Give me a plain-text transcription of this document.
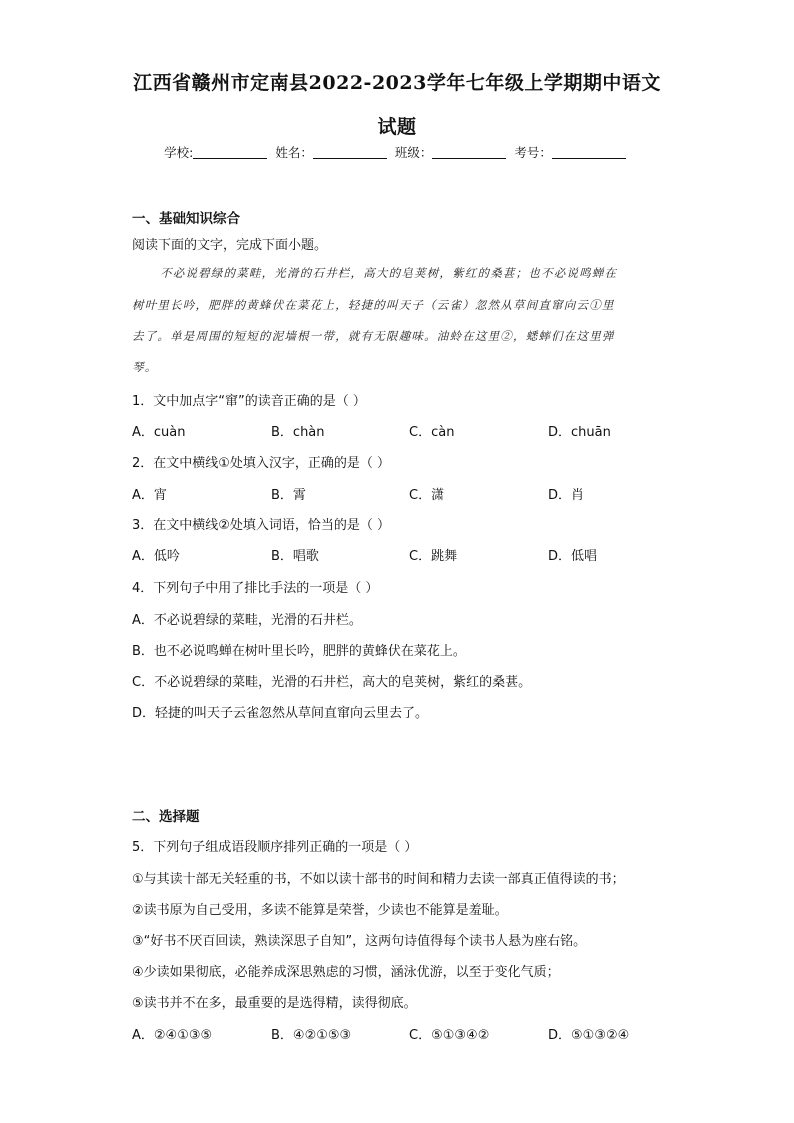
江西省赣州市定南县2022-2023学年七年级上学期期中语文
试题
学校:	姓名：	班级：	考号：
一、基础知识综合
阅读下面的文字，完成下面小题。
不必说碧绿的菜畦，光滑的石井栏，高大的皂荚树，紫红的桑葚；也不必说鸣蝉在
树叶里长吟，肥胖的黄蜂伏在菜花上，轻捷的叫天子（云雀）忽然从草间直窜向云①里
去了。单是周围的短短的泥墙根一带，就有无限趣味。油蛉在这里②，蟋蟀们在这里弹
琴。
1．文中加点字“窜”的读音正确的是（ ）
A．cuàn	B．chàn	C．càn	D．chuān
2．在文中横线①处填入汉字，正确的是（ ）
A．宵	B．霄	C．潇	D．肖
3．在文中横线②处填入词语，恰当的是（ ）
A．低吟	B．唱歌	C．跳舞	D．低唱
4．下列句子中用了排比手法的一项是（ ）
A．不必说碧绿的菜畦，光滑的石井栏。
B．也不必说鸣蝉在树叶里长吟，肥胖的黄蜂伏在菜花上。
C．不必说碧绿的菜畦，光滑的石井栏，高大的皂荚树，紫红的桑葚。
D．轻捷的叫天子云雀忽然从草间直窜向云里去了。
二、选择题
5．下列句子组成语段顺序排列正确的一项是（ ）
①与其读十部无关轻重的书，不如以读十部书的时间和精力去读一部真正值得读的书；
②读书原为自己受用，多读不能算是荣誉，少读也不能算是羞耻。
③“好书不厌百回读，熟读深思子自知”，这两句诗值得每个读书人悬为座右铭。
④少读如果彻底，必能养成深思熟虑的习惯，涵泳优游，以至于变化气质；
⑤读书并不在多，最重要的是选得精，读得彻底。
A．②④①③⑤	B．④②①⑤③	C．⑤①③④②	D．⑤①③②④
